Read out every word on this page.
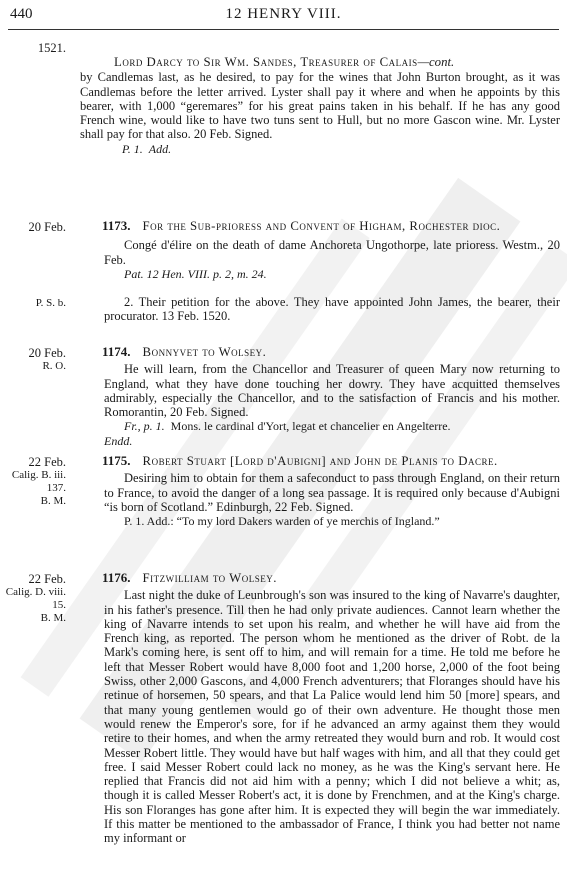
440	12 HENRY VIII.
1521.

Lord Darcy to Sir Wm. Sandes, Treasurer of Calais—cont.

by Candlemas last, as he desired, to pay for the wines that John Burton brought, as it was Candlemas before the letter arrived. Lyster shall pay it where and when he appoints by this bearer, with 1,000 “geremares” for his great pains taken in his behalf. If he has any good French wine, would like to have two tuns sent to Hull, but no more Gascon wine. Mr. Lyster shall pay for that also. 20 Feb. Signed.

P. 1. Add.

20 Feb.	1173. For the Sub-prioress and Convent of Higham, Rochester dioc.

Congé d'élire on the death of dame Anchoreta Ungothorpe, late prioress. Westm., 20 Feb.

Pat. 12 Hen. VIII. p. 2, m. 24.

P. S. b.	2. Their petition for the above. They have appointed John James, the bearer, their procurator. 13 Feb. 1520.

20 Feb.
R. O.

1174. Bonnyvet to Wolsey.

He will learn, from the Chancellor and Treasurer of queen Mary now returning to England, what they have done touching her dowry. They have acquitted themselves admirably, especially the Chancellor, and to the satisfaction of Francis and his mother. Romorantin, 20 Feb. Signed.

Fr., p. 1. Mons. le cardinal d'Yort, legat et chancelier en Angelterre.

Endd.

22 Feb.
Calig. B. iii.
137.
B. M.

1175. Robert Stuart [Lord d'Aubigni] and John de Planis to Dacre.

Desiring him to obtain for them a safeconduct to pass through England, on their return to France, to avoid the danger of a long sea passage. It is required only because d'Aubigni “is born of Scotland.” Edinburgh, 22 Feb. Signed.

P. 1. Add.: “To my lord Dakers warden of ye merchis of Ingland.”

22 Feb.
Calig. D. viii.
15.
B. M.

1176. Fitzwilliam to Wolsey.

Last night the duke of Leunbrough's son was insured to the king of Navarre's daughter, in his father's presence. Till then he had only private audiences. Cannot learn whether the king of Navarre intends to set upon his realm, and whether he will have aid from the French king, as reported. The person whom he mentioned as the driver of Robt. de la Mark's coming here, is sent off to him, and will remain for a time. He told me before he left that Messer Robert would have 8,000 foot and 1,200 horse, 2,000 of the foot being Swiss, other 2,000 Gascons, and 4,000 French adventurers; that Floranges should have his retinue of horsemen, 50 spears, and that La Palice would lend him 50 [more] spears, and that many young gentlemen would go of their own adventure. He thought those men would renew the Emperor's sore, for if he advanced an army against them they would retire to their homes, and when the army retreated they would burn and rob. It would cost Messer Robert little. They would have but half wages with him, and all that they could get free. I said Messer Robert could lack no money, as he was the King's servant here. He replied that Francis did not aid him with a penny; which I did not believe a whit; as, though it is called Messer Robert's act, it is done by Frenchmen, and at the King's charge. His son Floranges has gone after him. It is expected they will begin the war immediately. If this matter be mentioned to the ambassador of France, I think you had better not name my informant or
